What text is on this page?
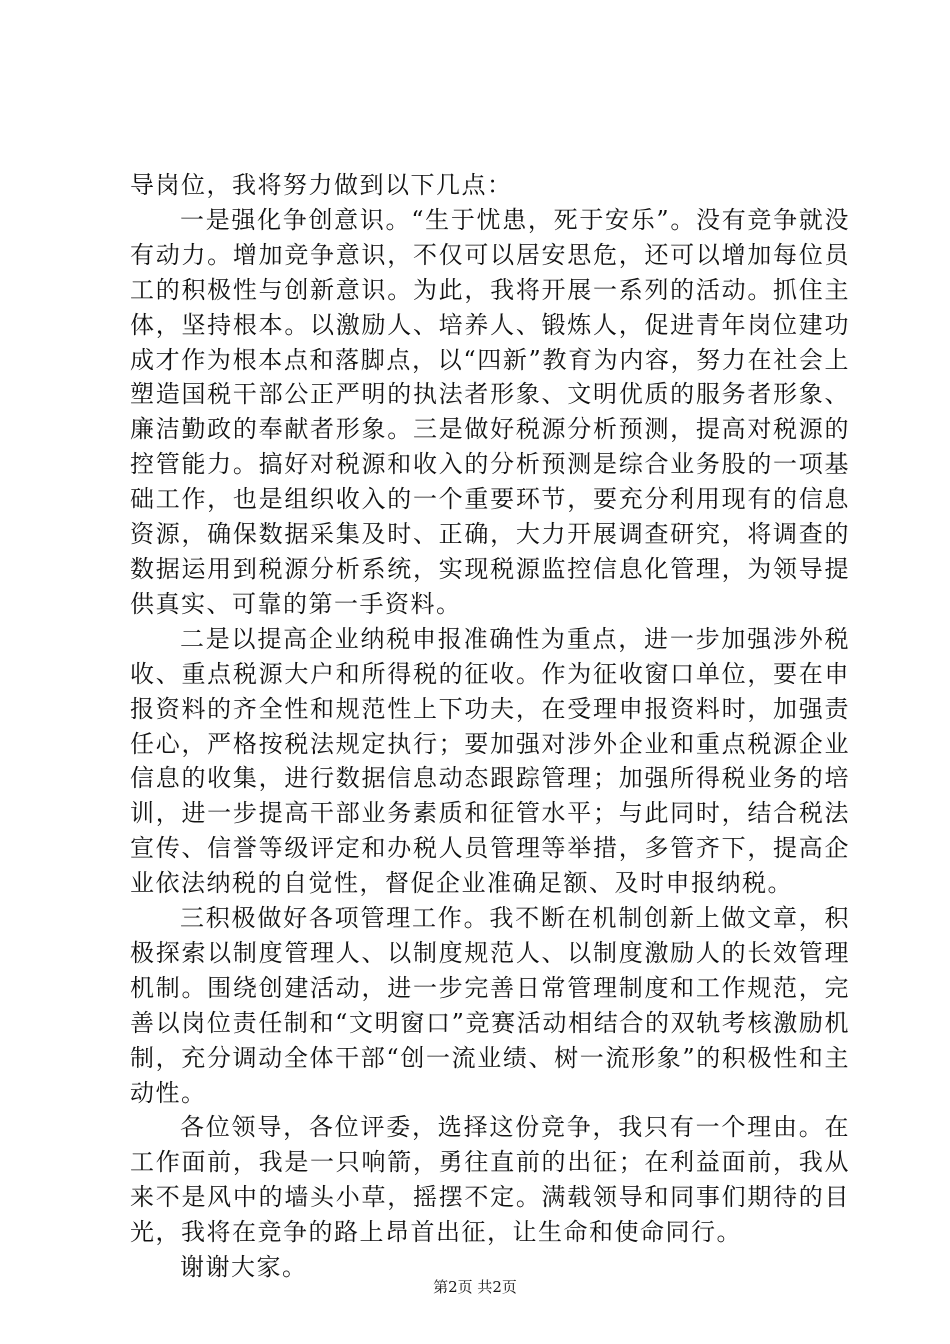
导岗位，我将努力做到以下几点：

一是强化争创意识。“生于忧患，死于安乐”。没有竞争就没有动力。增加竞争意识，不仅可以居安思危，还可以增加每位员工的积极性与创新意识。为此，我将开展一系列的活动。抓住主体，坚持根本。以激励人、培养人、锻炼人，促进青年岗位建功成才作为根本点和落脚点，以“四新”教育为内容，努力在社会上塑造国税干部公正严明的执法者形象、文明优质的服务者形象、廉洁勤政的奉献者形象。三是做好税源分析预测，提高对税源的控管能力。搞好对税源和收入的分析预测是综合业务股的一项基础工作，也是组织收入的一个重要环节，要充分利用现有的信息资源，确保数据采集及时、正确，大力开展调查研究，将调查的数据运用到税源分析系统，实现税源监控信息化管理，为领导提供真实、可靠的第一手资料。

二是以提高企业纳税申报准确性为重点，进一步加强涉外税收、重点税源大户和所得税的征收。作为征收窗口单位，要在申报资料的齐全性和规范性上下功夫，在受理申报资料时，加强责任心，严格按税法规定执行；要加强对涉外企业和重点税源企业信息的收集，进行数据信息动态跟踪管理；加强所得税业务的培训，进一步提高干部业务素质和征管水平；与此同时，结合税法宣传、信誉等级评定和办税人员管理等举措，多管齐下，提高企业依法纳税的自觉性，督促企业准确足额、及时申报纳税。

三积极做好各项管理工作。我不断在机制创新上做文章，积极探索以制度管理人、以制度规范人、以制度激励人的长效管理机制。围绕创建活动，进一步完善日常管理制度和工作规范，完善以岗位责任制和“文明窗口”竞赛活动相结合的双轨考核激励机制，充分调动全体干部“创一流业绩、树一流形象”的积极性和主动性。

各位领导，各位评委，选择这份竞争，我只有一个理由。在工作面前，我是一只响箭，勇往直前的出征；在利益面前，我从来不是风中的墙头小草，摇摆不定。满载领导和同事们期待的目光，我将在竞争的路上昂首出征，让生命和使命同行。

谢谢大家。

第2页 共2页
